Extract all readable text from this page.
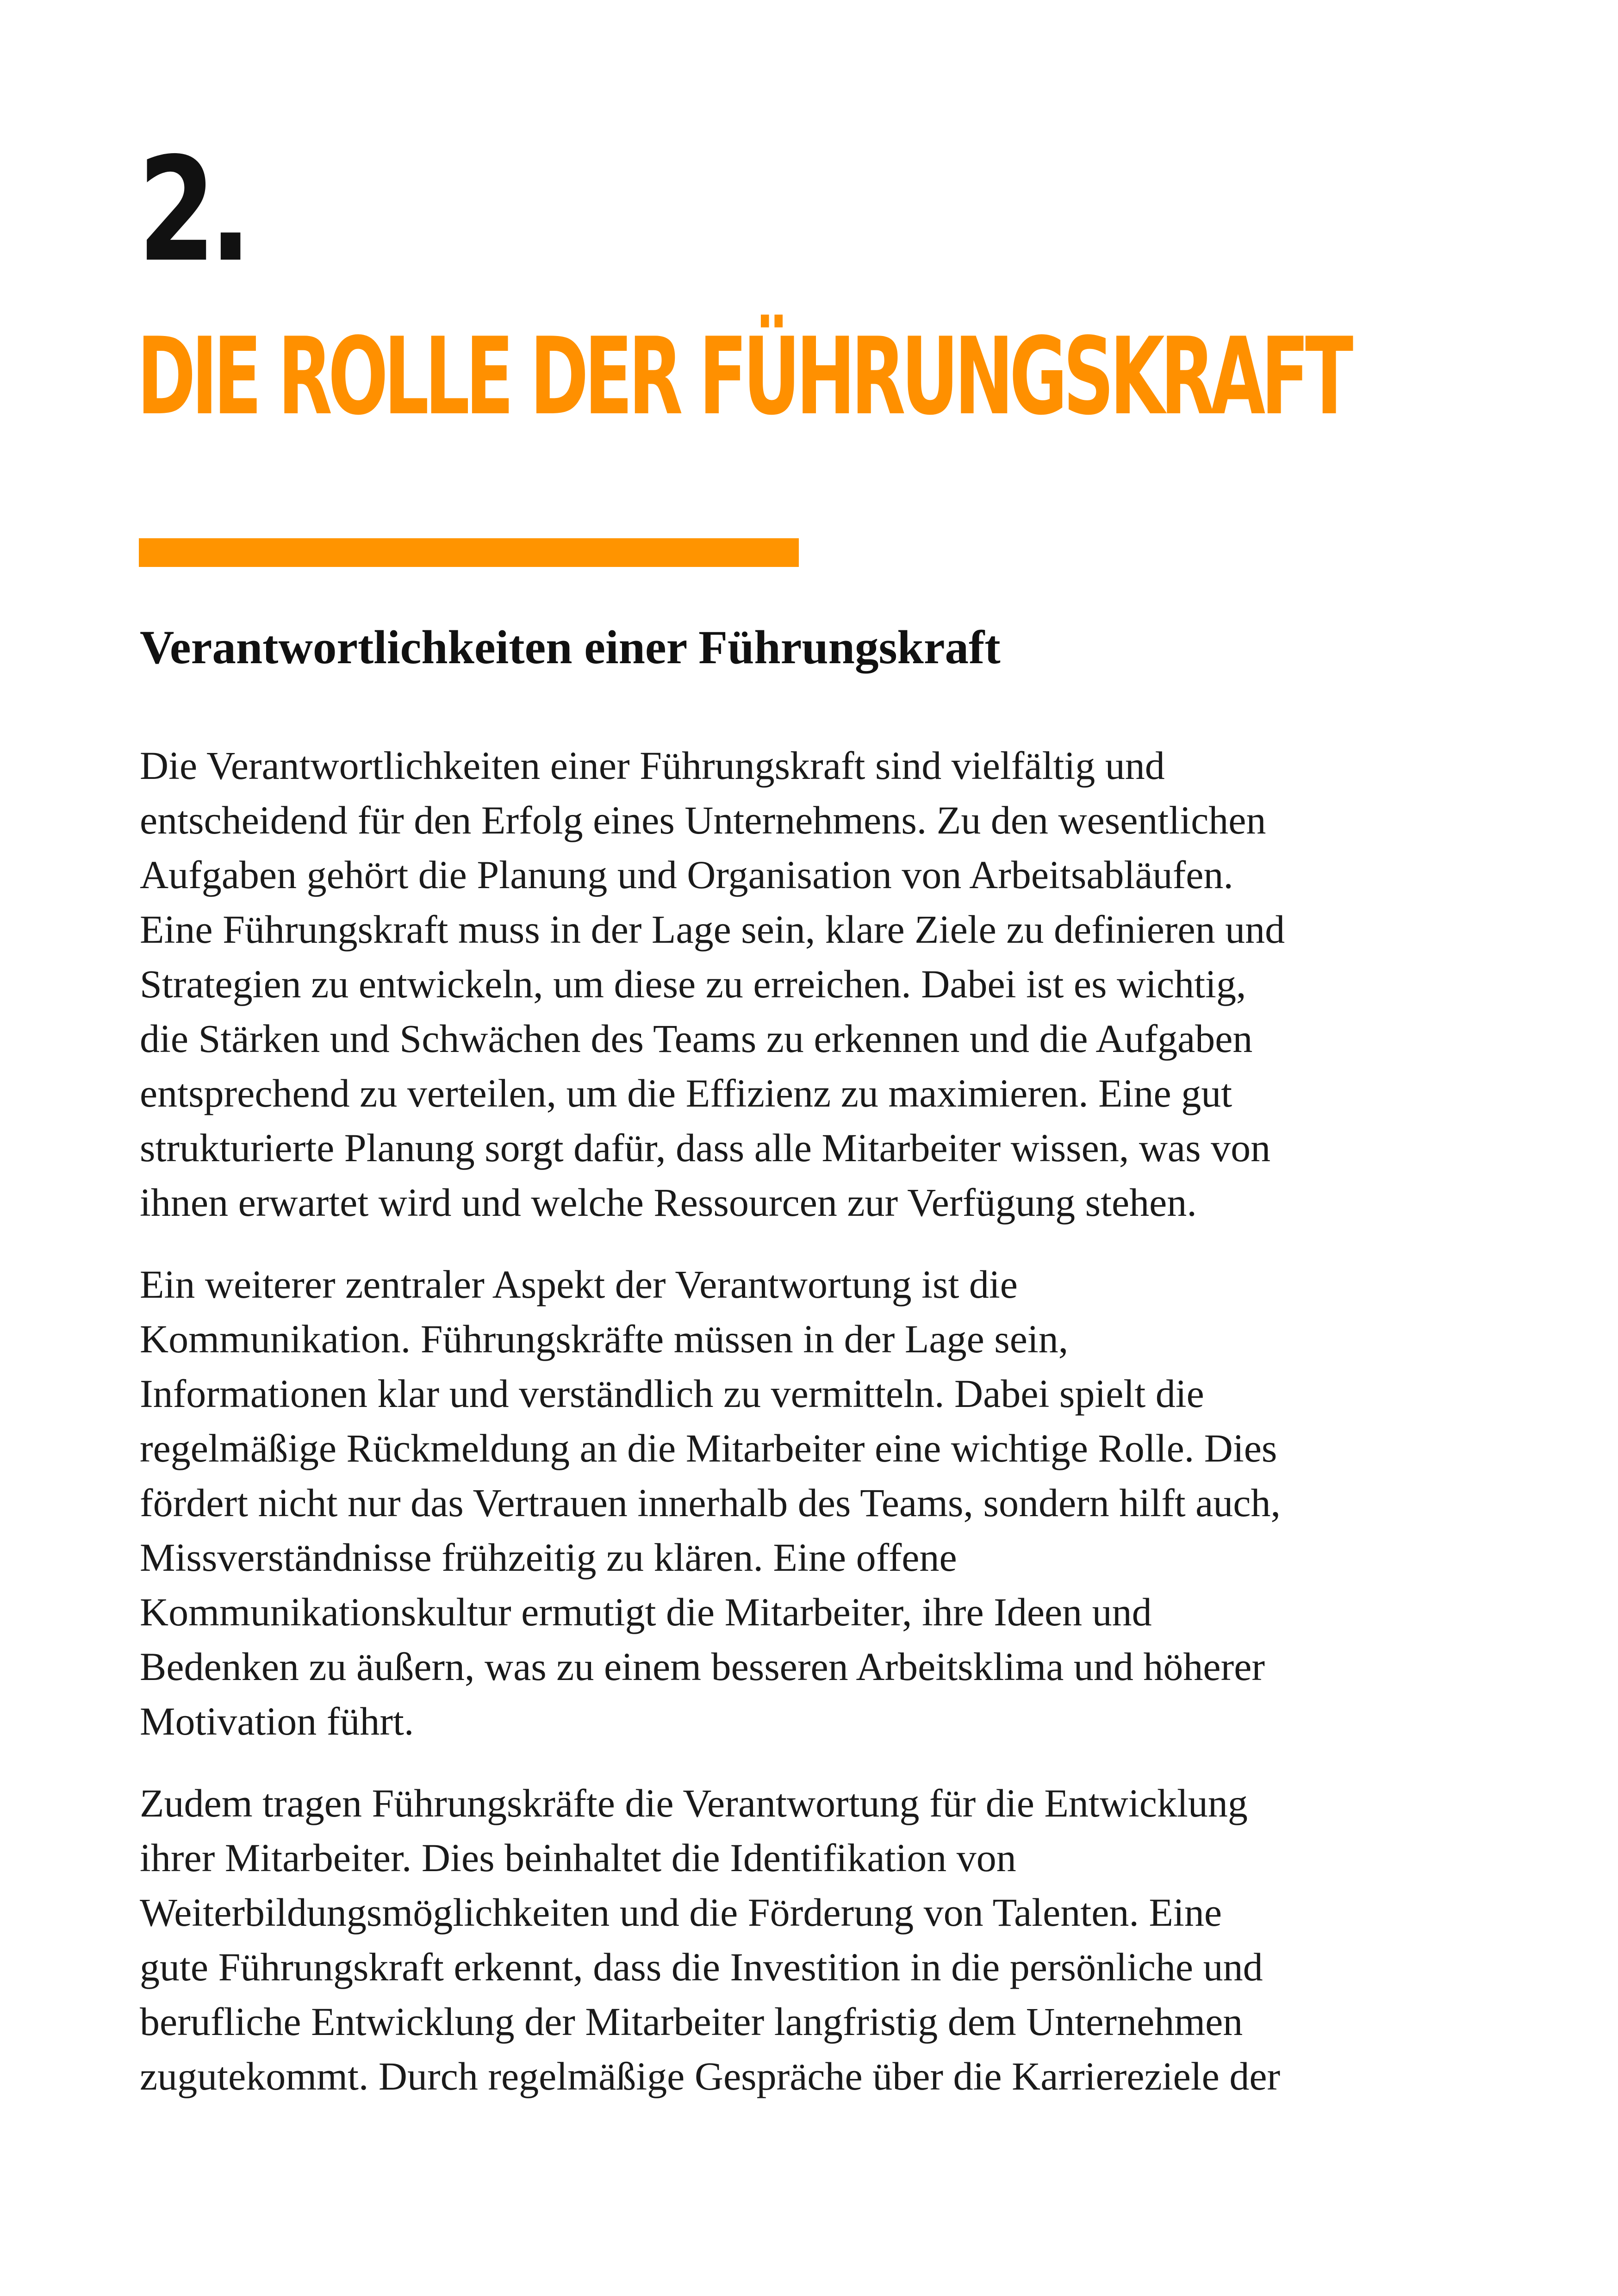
2.
DIE ROLLE DER FÜHRUNGSKRAFT
Verantwortlichkeiten einer Führungskraft

Die Verantwortlichkeiten einer Führungskraft sind vielfältig und
entscheidend für den Erfolg eines Unternehmens. Zu den wesentlichen
Aufgaben gehört die Planung und Organisation von Arbeitsabläufen.
Eine Führungskraft muss in der Lage sein, klare Ziele zu definieren und
Strategien zu entwickeln, um diese zu erreichen. Dabei ist es wichtig,
die Stärken und Schwächen des Teams zu erkennen und die Aufgaben
entsprechend zu verteilen, um die Effizienz zu maximieren. Eine gut
strukturierte Planung sorgt dafür, dass alle Mitarbeiter wissen, was von
ihnen erwartet wird und welche Ressourcen zur Verfügung stehen.

Ein weiterer zentraler Aspekt der Verantwortung ist die
Kommunikation. Führungskräfte müssen in der Lage sein,
Informationen klar und verständlich zu vermitteln. Dabei spielt die
regelmäßige Rückmeldung an die Mitarbeiter eine wichtige Rolle. Dies
fördert nicht nur das Vertrauen innerhalb des Teams, sondern hilft auch,
Missverständnisse frühzeitig zu klären. Eine offene
Kommunikationskultur ermutigt die Mitarbeiter, ihre Ideen und
Bedenken zu äußern, was zu einem besseren Arbeitsklima und höherer
Motivation führt.

Zudem tragen Führungskräfte die Verantwortung für die Entwicklung
ihrer Mitarbeiter. Dies beinhaltet die Identifikation von
Weiterbildungsmöglichkeiten und die Förderung von Talenten. Eine
gute Führungskraft erkennt, dass die Investition in die persönliche und
berufliche Entwicklung der Mitarbeiter langfristig dem Unternehmen
zugutekommt. Durch regelmäßige Gespräche über die Karriereziele der
